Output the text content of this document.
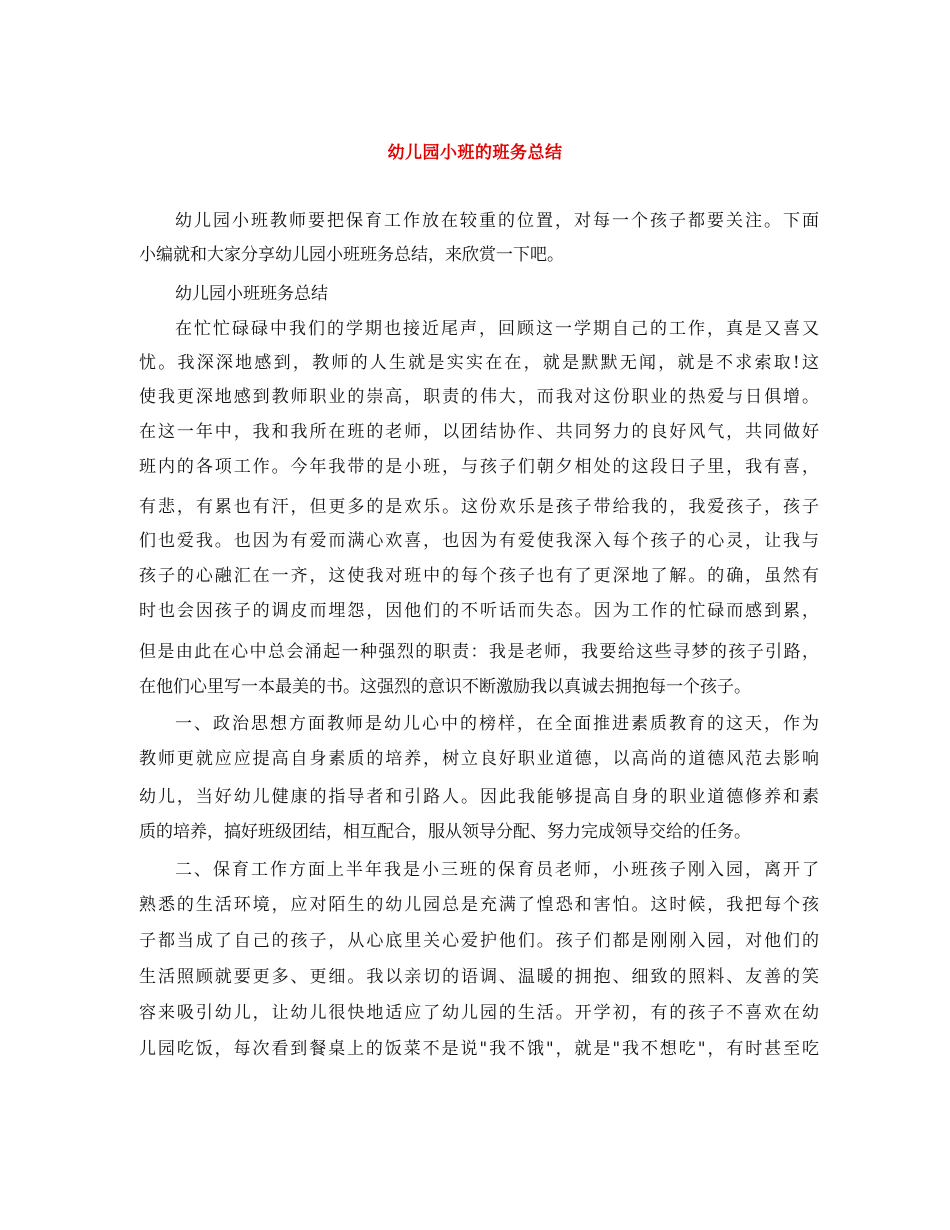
幼儿园小班的班务总结
幼儿园小班教师要把保育工作放在较重的位置，对每一个孩子都要关注。下面
小编就和大家分享幼儿园小班班务总结，来欣赏一下吧。
幼儿园小班班务总结
在忙忙碌碌中我们的学期也接近尾声，回顾这一学期自己的工作，真是又喜又
忧。我深深地感到，教师的人生就是实实在在，就是默默无闻，就是不求索取!这
使我更深地感到教师职业的崇高，职责的伟大，而我对这份职业的热爱与日俱增。
在这一年中，我和我所在班的老师，以团结协作、共同努力的良好风气，共同做好
班内的各项工作。今年我带的是小班，与孩子们朝夕相处的这段日子里，我有喜，
有悲，有累也有汗，但更多的是欢乐。这份欢乐是孩子带给我的，我爱孩子，孩子
们也爱我。也因为有爱而满心欢喜，也因为有爱使我深入每个孩子的心灵，让我与
孩子的心融汇在一齐，这使我对班中的每个孩子也有了更深地了解。的确，虽然有
时也会因孩子的调皮而埋怨，因他们的不听话而失态。因为工作的忙碌而感到累，
但是由此在心中总会涌起一种强烈的职责：我是老师，我要给这些寻梦的孩子引路，
在他们心里写一本最美的书。这强烈的意识不断激励我以真诚去拥抱每一个孩子。
一、政治思想方面教师是幼儿心中的榜样，在全面推进素质教育的这天，作为
教师更就应应提高自身素质的培养，树立良好职业道德，以高尚的道德风范去影响
幼儿，当好幼儿健康的指导者和引路人。因此我能够提高自身的职业道德修养和素
质的培养，搞好班级团结，相互配合，服从领导分配、努力完成领导交给的任务。
二、保育工作方面上半年我是小三班的保育员老师，小班孩子刚入园，离开了
熟悉的生活环境，应对陌生的幼儿园总是充满了惶恐和害怕。这时候，我把每个孩
子都当成了自己的孩子，从心底里关心爱护他们。孩子们都是刚刚入园，对他们的
生活照顾就要更多、更细。我以亲切的语调、温暖的拥抱、细致的照料、友善的笑
容来吸引幼儿，让幼儿很快地适应了幼儿园的生活。开学初，有的孩子不喜欢在幼
儿园吃饭，每次看到餐桌上的饭菜不是说"我不饿"，就是"我不想吃"，有时甚至吃
